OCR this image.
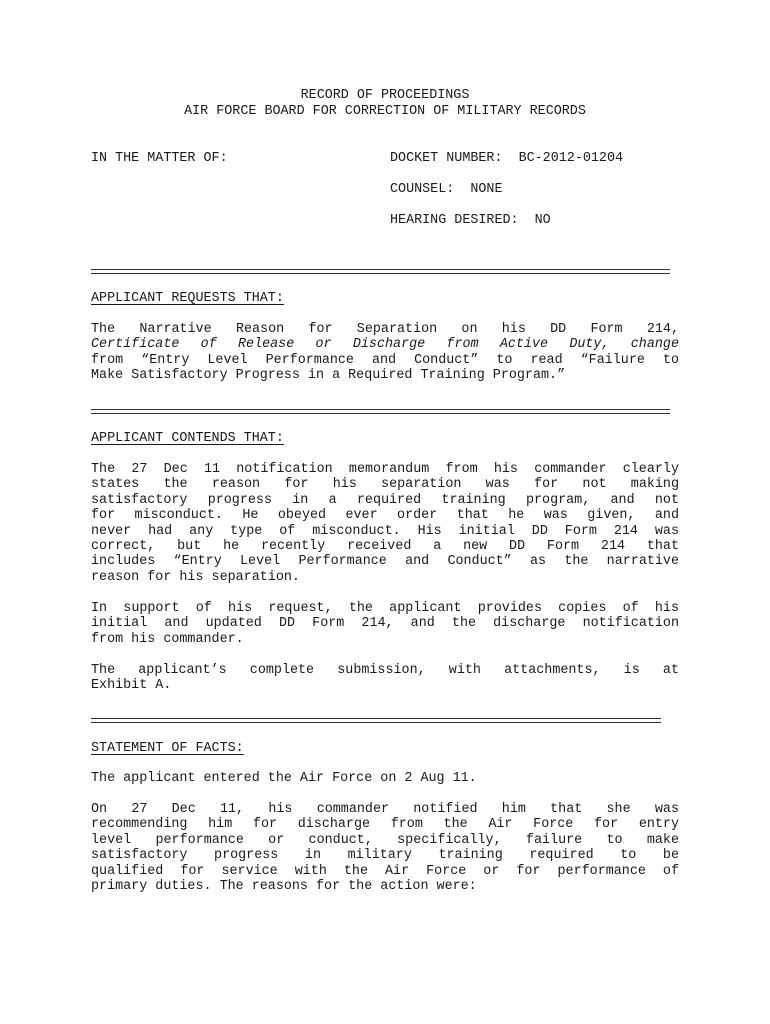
RECORD OF PROCEEDINGS
AIR FORCE BOARD FOR CORRECTION OF MILITARY RECORDS
IN THE MATTER OF:	DOCKET NUMBER:  BC-2012-01204
COUNSEL:  NONE
HEARING DESIRED:  NO
APPLICANT REQUESTS THAT:
The Narrative Reason for Separation on his DD Form 214,
Certificate of Release or Discharge from Active Duty, change
from “Entry Level Performance and Conduct” to read “Failure to
Make Satisfactory Progress in a Required Training Program.”
APPLICANT CONTENDS THAT:
The 27 Dec 11 notification memorandum from his commander clearly
states the reason for his separation was for not making
satisfactory progress in a required training program, and not
for misconduct. He obeyed ever order that he was given, and
never had any type of misconduct. His initial DD Form 214 was
correct, but he recently received a new DD Form 214 that
includes “Entry Level Performance and Conduct” as the narrative
reason for his separation.
In support of his request, the applicant provides copies of his
initial and updated DD Form 214, and the discharge notification
from his commander.
The applicant’s complete submission, with attachments, is at
Exhibit A.
STATEMENT OF FACTS:
The applicant entered the Air Force on 2 Aug 11.
On 27 Dec 11, his commander notified him that she was
recommending him for discharge from the Air Force for entry
level performance or conduct, specifically, failure to make
satisfactory progress in military training required to be
qualified for service with the Air Force or for performance of
primary duties. The reasons for the action were:
